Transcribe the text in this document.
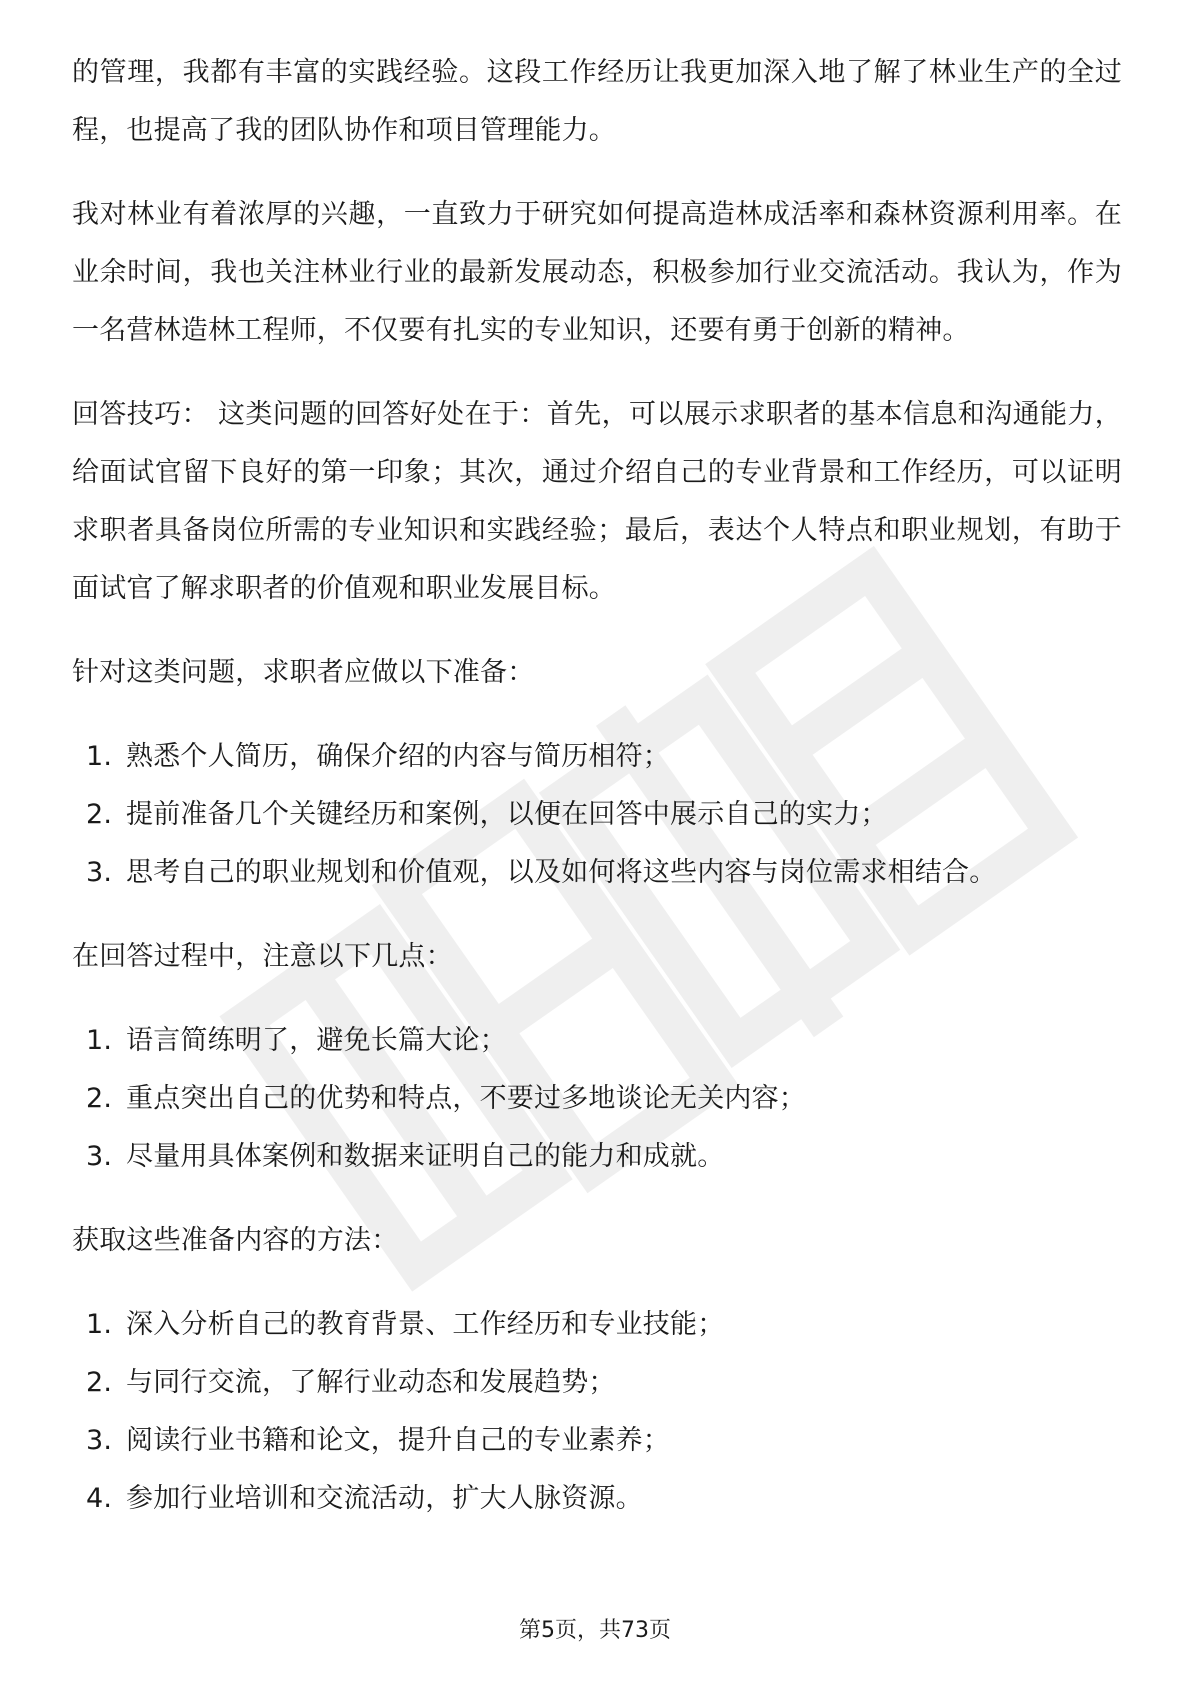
的管理，我都有丰富的实践经验。这段工作经历让我更加深入地了解了林业生产的全过程，也提高了我的团队协作和项目管理能力。

我对林业有着浓厚的兴趣，一直致力于研究如何提高造林成活率和森林资源利用率。在业余时间，我也关注林业行业的最新发展动态，积极参加行业交流活动。我认为，作为一名营林造林工程师，不仅要有扎实的专业知识，还要有勇于创新的精神。

回答技巧： 这类问题的回答好处在于：首先，可以展示求职者的基本信息和沟通能力，给面试官留下良好的第一印象；其次，通过介绍自己的专业背景和工作经历，可以证明求职者具备岗位所需的专业知识和实践经验；最后，表达个人特点和职业规划，有助于面试官了解求职者的价值观和职业发展目标。

针对这类问题，求职者应做以下准备：

1. 熟悉个人简历，确保介绍的内容与简历相符；
2. 提前准备几个关键经历和案例，以便在回答中展示自己的实力；
3. 思考自己的职业规划和价值观，以及如何将这些内容与岗位需求相结合。

在回答过程中，注意以下几点：

1. 语言简练明了，避免长篇大论；
2. 重点突出自己的优势和特点，不要过多地谈论无关内容；
3. 尽量用具体案例和数据来证明自己的能力和成就。

获取这些准备内容的方法：

1. 深入分析自己的教育背景、工作经历和专业技能；
2. 与同行交流，了解行业动态和发展趋势；
3. 阅读行业书籍和论文，提升自己的专业素养；
4. 参加行业培训和交流活动，扩大人脉资源。
第5页，共73页
